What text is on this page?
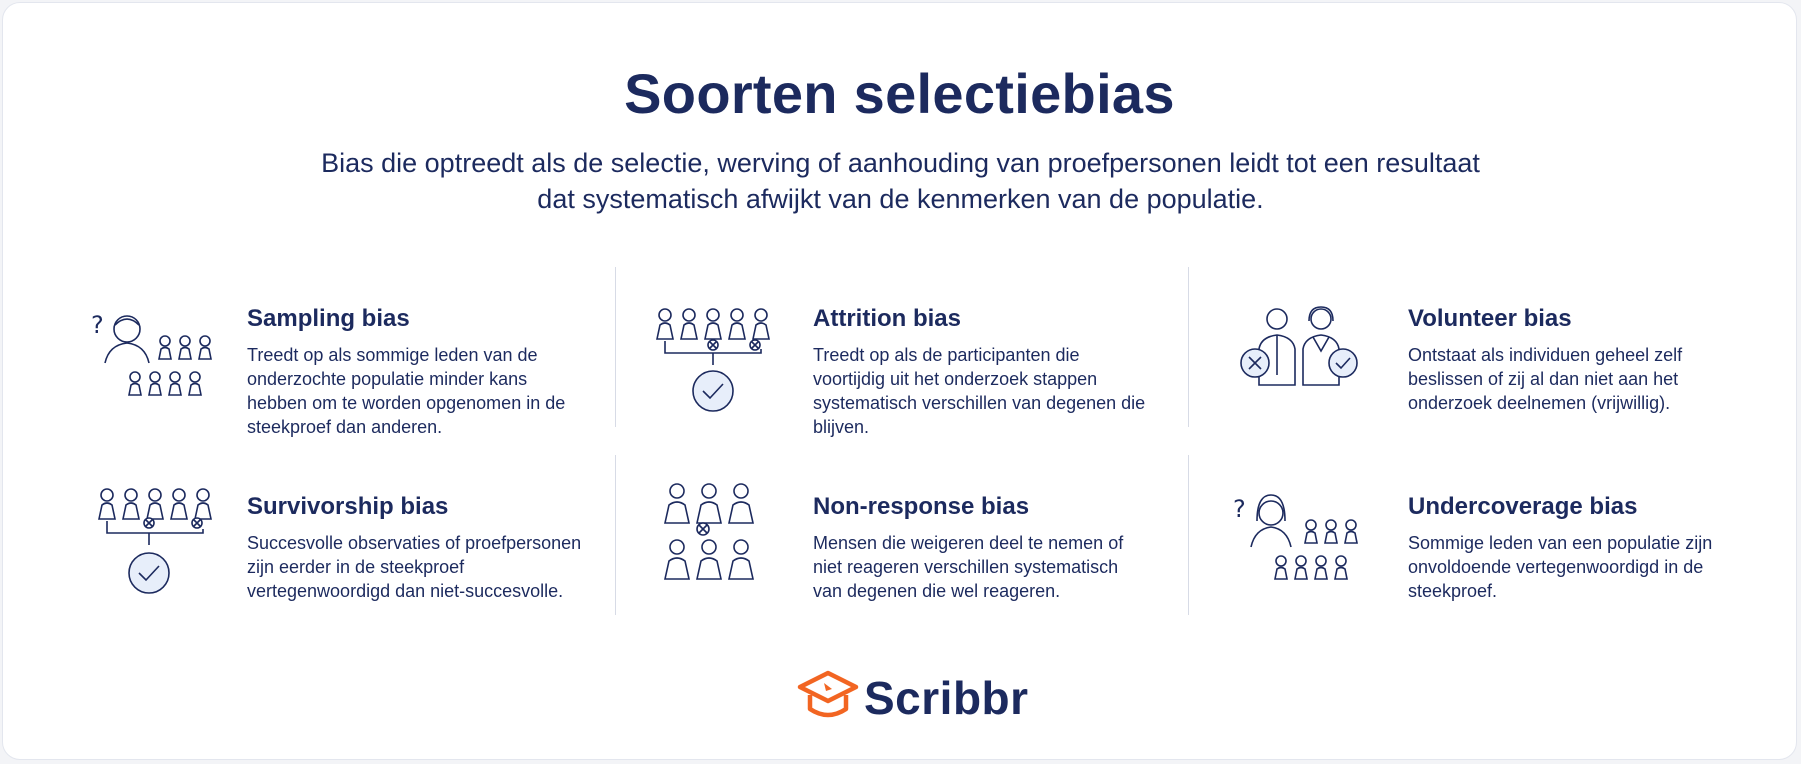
Soorten selectiebias
Bias die optreedt als de selectie, werving of aanhouding van proefpersonen leidt tot een resultaat dat systematisch afwijkt van de kenmerken van de populatie.
?	Sampling bias
Treedt op als sommige leden van de onderzochte populatie minder kans hebben om te worden opgenomen in de steekproef dan anderen.
Attrition bias
Treedt op als de participanten die voortijdig uit het onderzoek stappen systematisch verschillen van degenen die blijven.
Volunteer bias
Ontstaat als individuen geheel zelf beslissen of zij al dan niet aan het onderzoek deelnemen (vrijwillig).
Survivorship bias
Succesvolle observaties of proefpersonen zijn eerder in de steekproef vertegenwoordigd dan niet-succesvolle.
Non-response bias
Mensen die weigeren deel te nemen of niet reageren verschillen systematisch van degenen die wel reageren.
?	Undercoverage bias
Sommige leden van een populatie zijn onvoldoende vertegenwoordigd in de steekproef.
Scribbr
